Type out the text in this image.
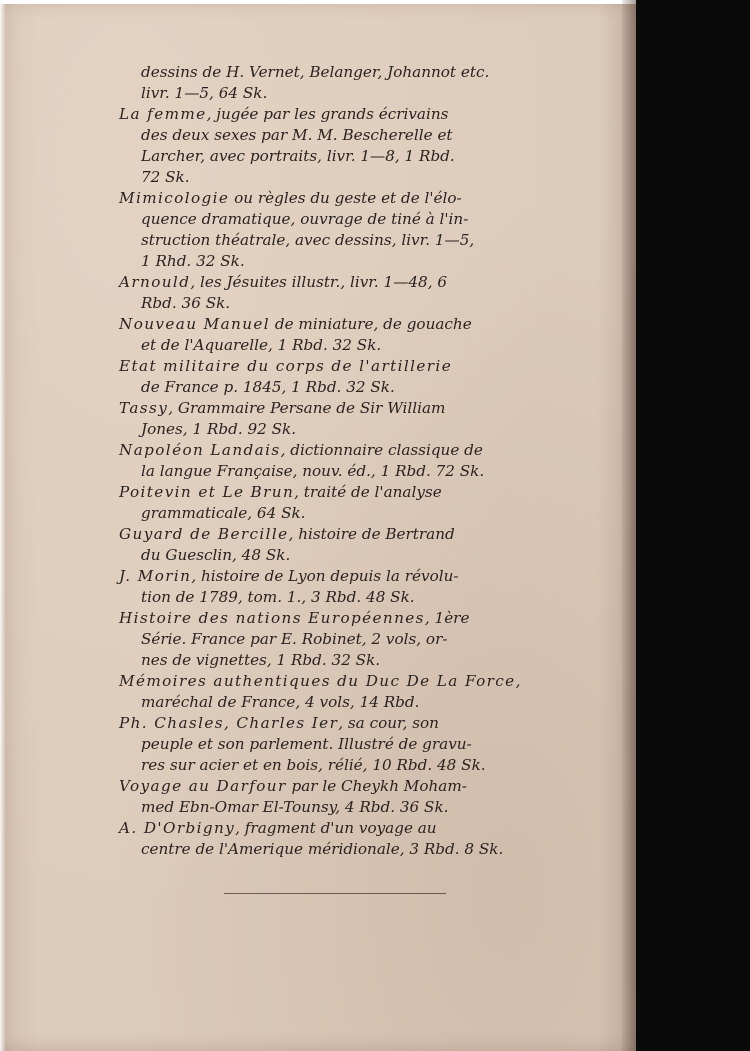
dessins de H. Vernet, Belanger, Johannot etc.
livr. 1—5, 64 Sk.
La femme, jugée par les grands écrivains
des deux sexes par M. M. Bescherelle et
Larcher, avec portraits, livr. 1—8, 1 Rbd.
72 Sk.
Mimicologie ou règles du geste et de l'élo-
quence dramatique, ouvrage de tiné à l'in-
struction théatrale, avec dessins, livr. 1—5,
1 Rhd. 32 Sk.
Arnould, les Jésuites illustr., livr. 1—48, 6
Rbd. 36 Sk.
Nouveau Manuel de miniature, de gouache
et de l'Aquarelle, 1 Rbd. 32 Sk.
Etat militaire du corps de l'artillerie
de France p. 1845, 1 Rbd. 32 Sk.
Tassy, Grammaire Persane de Sir William
Jones, 1 Rbd. 92 Sk.
Napoléon Landais, dictionnaire classique de
la langue Française, nouv. éd., 1 Rbd. 72 Sk.
Poitevin et Le Brun, traité de l'analyse
grammaticale, 64 Sk.
Guyard de Bercille, histoire de Bertrand
du Guesclin, 48 Sk.
J. Morin, histoire de Lyon depuis la révolu-
tion de 1789, tom. 1., 3 Rbd. 48 Sk.
Histoire des nations Européennes, 1ère
Série. France par E. Robinet, 2 vols, or-
nes de vignettes, 1 Rbd. 32 Sk.
Mémoires authentiques du Duc De La Force,
maréchal de France, 4 vols, 14 Rbd.
Ph. Chasles, Charles Ier, sa cour, son
peuple et son parlement. Illustré de gravu-
res sur acier et en bois, rélié, 10 Rbd. 48 Sk.
Voyage au Darfour par le Cheykh Moham-
med Ebn-Omar El-Tounsy, 4 Rbd. 36 Sk.
A. D'Orbigny, fragment d'un voyage au
centre de l'Amerique méridionale, 3 Rbd. 8 Sk.
